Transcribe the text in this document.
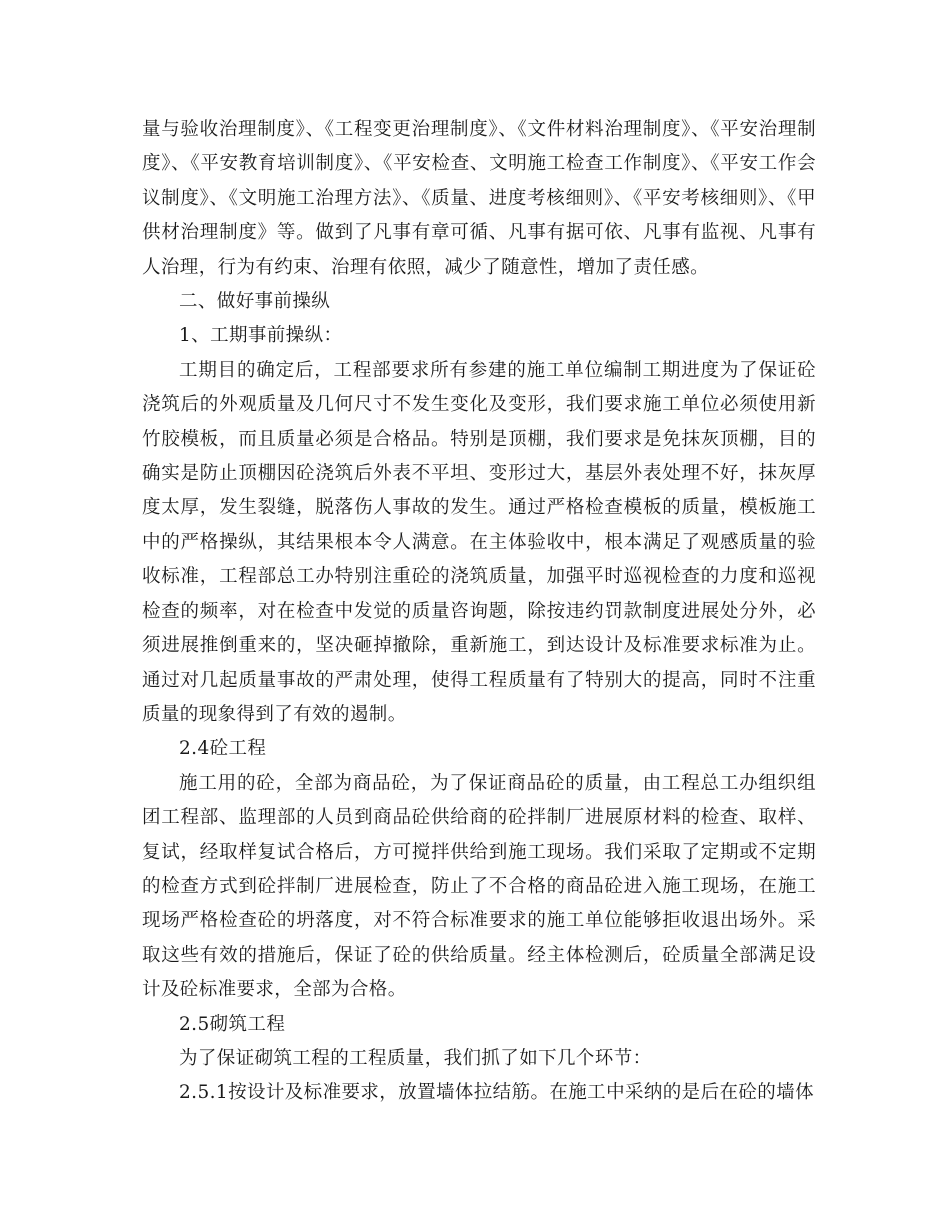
量与验收治理制度》、《工程变更治理制度》、《文件材料治理制度》、《平安治理制度》、《平安教育培训制度》、《平安检查、文明施工检查工作制度》、《平安工作会议制度》、《文明施工治理方法》、《质量、进度考核细则》、《平安考核细则》、《甲供材治理制度》等。做到了凡事有章可循、凡事有据可依、凡事有监视、凡事有人治理，行为有约束、治理有依照，减少了随意性，增加了责任感。

二、做好事前操纵

1、工期事前操纵：

工期目的确定后，工程部要求所有参建的施工单位编制工期进度为了保证砼浇筑后的外观质量及几何尺寸不发生变化及变形，我们要求施工单位必须使用新竹胶模板，而且质量必须是合格品。特别是顶棚，我们要求是免抹灰顶棚，目的确实是防止顶棚因砼浇筑后外表不平坦、变形过大，基层外表处理不好，抹灰厚度太厚，发生裂缝，脱落伤人事故的发生。通过严格检查模板的质量，模板施工中的严格操纵，其结果根本令人满意。在主体验收中，根本满足了观感质量的验收标准，工程部总工办特别注重砼的浇筑质量，加强平时巡视检查的力度和巡视检查的频率，对在检查中发觉的质量咨询题，除按违约罚款制度进展处分外，必须进展推倒重来的，坚决砸掉撤除，重新施工，到达设计及标准要求标准为止。通过对几起质量事故的严肃处理，使得工程质量有了特别大的提高，同时不注重质量的现象得到了有效的遏制。

2.4砼工程

施工用的砼，全部为商品砼，为了保证商品砼的质量，由工程总工办组织组团工程部、监理部的人员到商品砼供给商的砼拌制厂进展原材料的检查、取样、复试，经取样复试合格后，方可搅拌供给到施工现场。我们采取了定期或不定期的检查方式到砼拌制厂进展检查，防止了不合格的商品砼进入施工现场，在施工现场严格检查砼的坍落度，对不符合标准要求的施工单位能够拒收退出场外。采取这些有效的措施后，保证了砼的供给质量。经主体检测后，砼质量全部满足设计及砼标准要求，全部为合格。

2.5砌筑工程

为了保证砌筑工程的工程质量，我们抓了如下几个环节：

2.5.1按设计及标准要求，放置墙体拉结筋。在施工中采纳的是后在砼的墙体
